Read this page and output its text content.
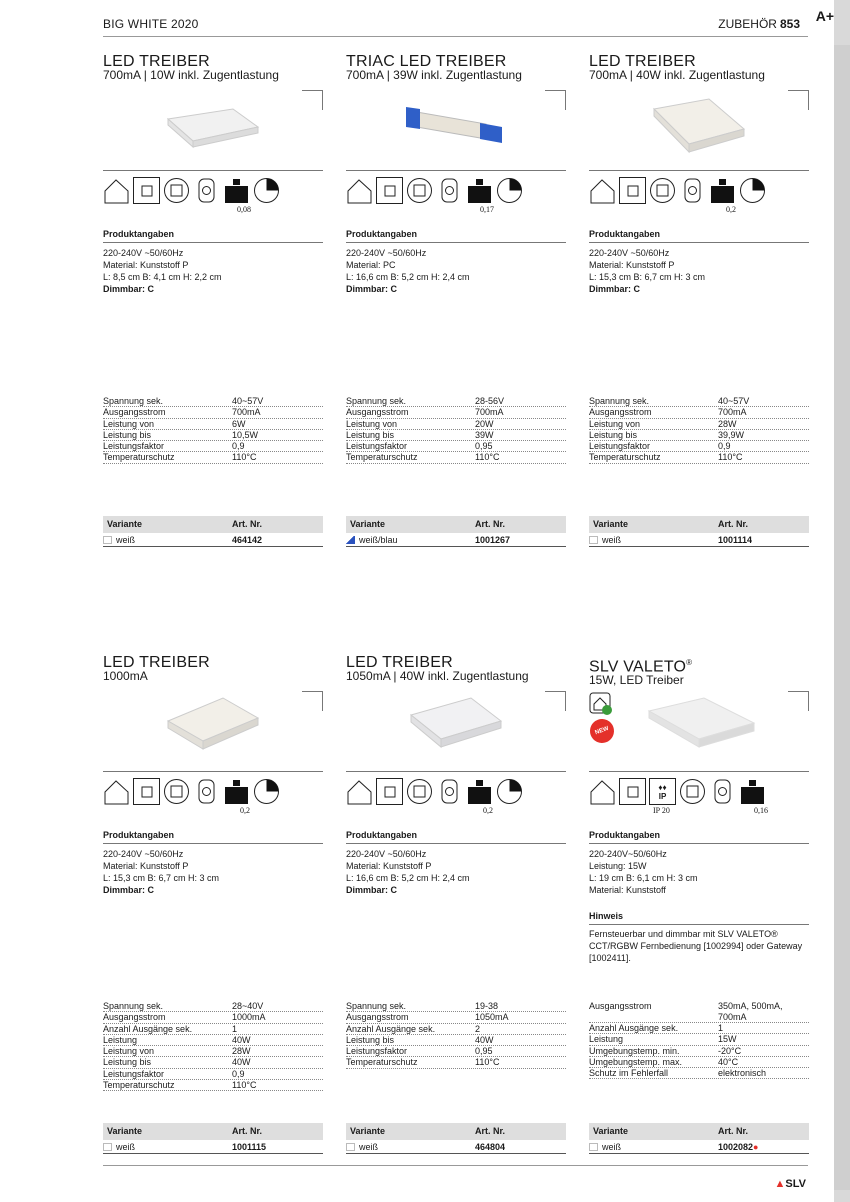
BIG WHITE 2020	ZUBEHÖR 853 A+
LED TREIBER
700mA | 10W inkl. Zugentlastung
0,08
Produktangaben
220-240V ~50/60Hz
Material: Kunststoff P
L: 8,5 cm B: 4,1 cm H: 2,2 cm
Dimmbar: C
Spannung sek.	40~57V
Ausgangsstrom	700mA
Leistung von	6W
Leistung bis	10,5W
Leistungsfaktor	0,9
Temperaturschutz	110°C
Variante	Art. Nr.
weiß	464142
TRIAC LED TREIBER
700mA | 39W inkl. Zugentlastung
0,17
Produktangaben
220-240V ~50/60Hz
Material: PC
L: 16,6 cm B: 5,2 cm H: 2,4 cm
Dimmbar: C
Spannung sek.	28-56V
Ausgangsstrom	700mA
Leistung von	20W
Leistung bis	39W
Leistungsfaktor	0,95
Temperaturschutz	110°C
Variante	Art. Nr.
weiß/blau	1001267
LED TREIBER
700mA | 40W inkl. Zugentlastung
0,2
Produktangaben
220-240V ~50/60Hz
Material: Kunststoff P
L: 15,3 cm B: 6,7 cm H: 3 cm
Dimmbar: C
Spannung sek.	40~57V
Ausgangsstrom	700mA
Leistung von	28W
Leistung bis	39,9W
Leistungsfaktor	0,9
Temperaturschutz	110°C
Variante	Art. Nr.
weiß	1001114
LED TREIBER
1000mA
0,2
Produktangaben
220-240V ~50/60Hz
Material: Kunststoff P
L: 15,3 cm B: 6,7 cm H: 3 cm
Dimmbar: C
Spannung sek.	28~40V
Ausgangsstrom	1000mA
Anzahl Ausgänge sek.	1
Leistung	40W
Leistung von	28W
Leistung bis	40W
Leistungsfaktor	0,9
Temperaturschutz	110°C
Variante	Art. Nr.
weiß	1001115
LED TREIBER
1050mA | 40W inkl. Zugentlastung
0,2
Produktangaben
220-240V ~50/60Hz
Material: Kunststoff P
L: 16,6 cm B: 5,2 cm H: 2,4 cm
Dimmbar: C
Spannung sek.	19-38
Ausgangsstrom	1050mA
Anzahl Ausgänge sek.	2
Leistung bis	40W
Leistungsfaktor	0,95
Temperaturschutz	110°C
Variante	Art. Nr.
weiß	464804
SLV VALETO®
15W, LED Treiber
NEW
♦♦
IP
IP 20	0,16
Produktangaben
220-240V~50/60Hz
Leistung: 15W
L: 19 cm B: 6,1 cm H: 3 cm
Material: Kunststoff
Hinweis
Fernsteuerbar und dimmbar mit SLV VALETO® CCT/RGBW Fernbedienung [1002994] oder Gateway [1002411].
Ausgangsstrom	350mA, 500mA, 700mA
Anzahl Ausgänge sek.	1
Leistung	15W
Umgebungstemp. min.	-20°C
Umgebungstemp. max.	40°C
Schutz im Fehlerfall	elektronisch
Variante	Art. Nr.
weiß	1002082●
▲SLV
